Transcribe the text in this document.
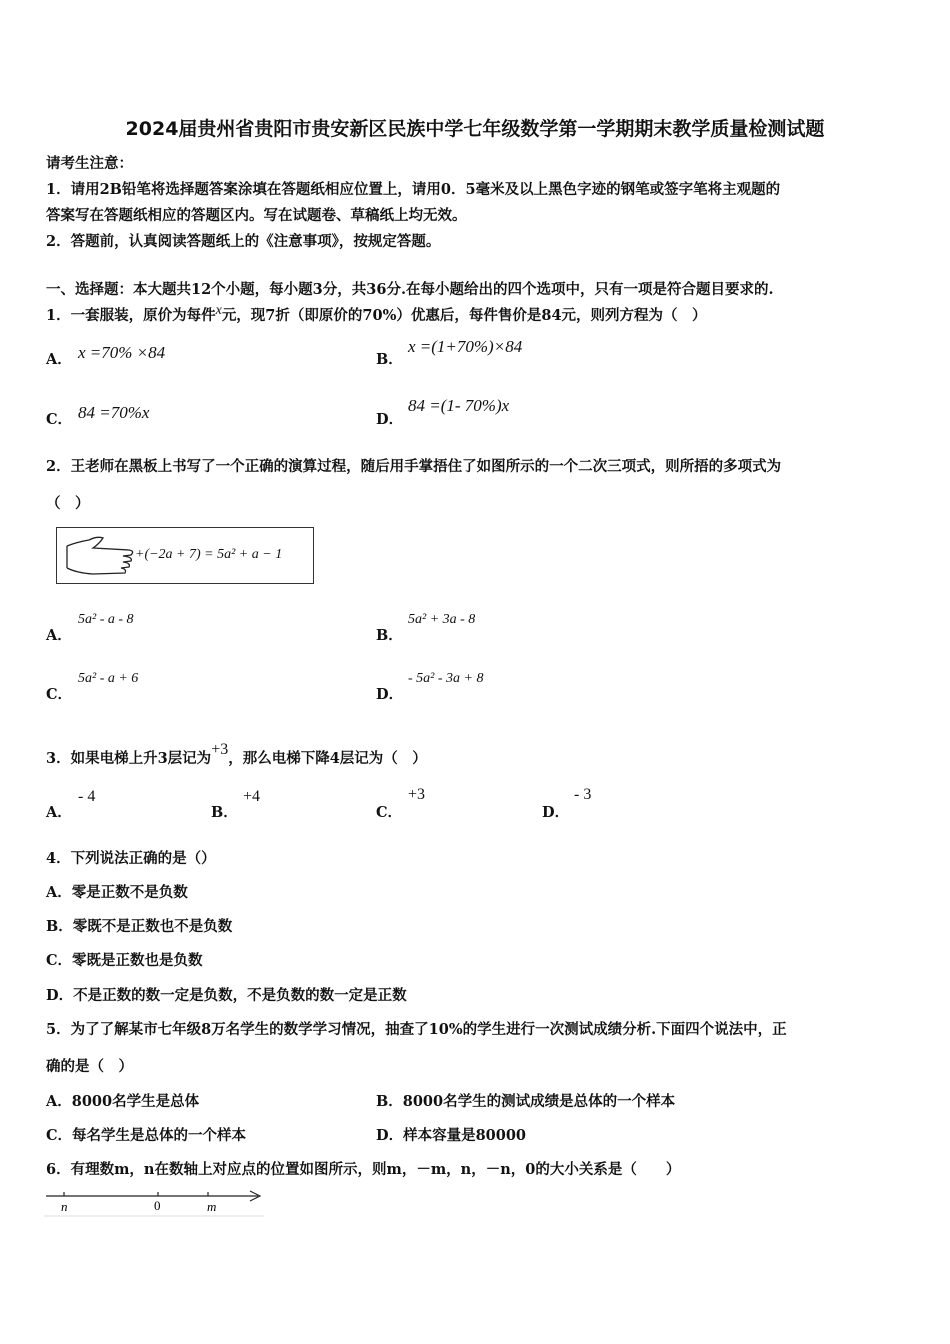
2024届贵州省贵阳市贵安新区民族中学七年级数学第一学期期末教学质量检测试题
请考生注意：
1．请用2B铅笔将选择题答案涂填在答题纸相应位置上，请用0．5毫米及以上黑色字迹的钢笔或签字笔将主观题的
答案写在答题纸相应的答题区内。写在试题卷、草稿纸上均无效。
2．答题前，认真阅读答题纸上的《注意事项》，按规定答题。
一、选择题：本大题共12个小题，每小题3分，共36分.在每小题给出的四个选项中，只有一项是符合题目要求的.
1．一套服装，原价为每件x元，现7折（即原价的70%）优惠后，每件售价是84元，则列方程为（　）
A． x =70% ×84	B．
x =(1+70%)×84
C． 84 =70%x	D．
84 =(1- 70%)x
2．王老师在黑板上书写了一个正确的演算过程，随后用手掌捂住了如图所示的一个二次三项式，则所捂的多项式为
（　）
+(−2a + 7) = 5a² + a − 1
A．
5a² - a - 8
B．
5a² + 3a - 8
C．
5a² - a + 6
D．
- 5a² - 3a + 8
3．如果电梯上升3层记为+3，那么电梯下降4层记为（　）
A．
- 4
B．
+4
C．
+3
D．
- 3
4．下列说法正确的是（）
A．零是正数不是负数
B．零既不是正数也不是负数
C．零既是正数也是负数
D．不是正数的数一定是负数，不是负数的数一定是正数
5．为了了解某市七年级8万名学生的数学学习情况，抽查了10%的学生进行一次测试成绩分析.下面四个说法中，正
确的是（　）
A．8000名学生是总体	B．8000名学生的测试成绩是总体的一个样本
C．每名学生是总体的一个样本	D．样本容量是80000
6．有理数m，n在数轴上对应点的位置如图所示，则m，－m，n，－n，0的大小关系是（　　）
n	0	m
